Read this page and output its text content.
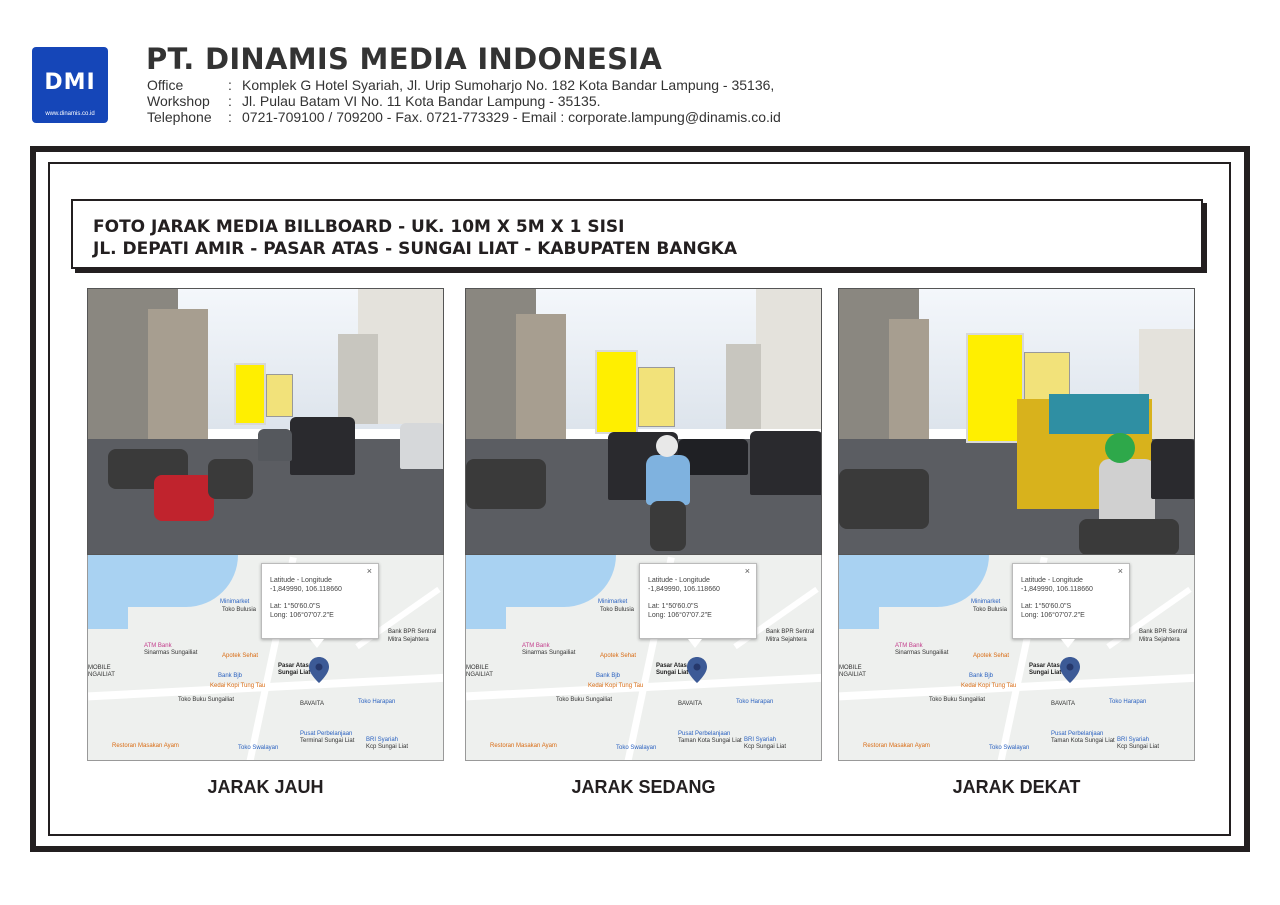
DMI
www.dinamis.co.id
PT. DINAMIS MEDIA INDONESIA
Office	: Komplek G Hotel Syariah, Jl. Urip Sumoharjo No. 182 Kota Bandar Lampung - 35136,
Workshop	: Jl. Pulau Batam VI No. 11 Kota Bandar Lampung - 35135.
Telephone	: 0721-709100 / 709200 - Fax. 0721-773329 - Email : corporate.lampung@dinamis.co.id
FOTO JARAK MEDIA BILLBOARD - UK. 10M X 5M X 1 SISI
JL. DEPATI AMIR - PASAR ATAS - SUNGAI LIAT - KABUPATEN BANGKA
Minimarket
Toko Bulusia
Bank BPR Sentral
Mitra Sejahtera
ATM Bank
Sinarmas Sungailiat	Apotek Sehat
Pasar Atas
Sungai Liat
Bank Bjb
Kedai Kopi Tung Tau
MOBILE
NGAILIAT
Toko Buku Sungailiat
BAVAITA	Toko Harapan
Pusat Perbelanjaan
Terminal Sungai Liat BRI Syariah
Kcp Sungai Liat
Toko Swalayan
Restoran Masakan Ayam
×
Latitude - Longitude
-1,849990, 106.118660
Lat: 1°50'60.0"S
Long: 106°07'07.2"E
JARAK JAUH
Minimarket
Toko Bulusia
Bank BPR Sentral
Mitra Sejahtera
ATM Bank
Sinarmas Sungailiat	Apotek Sehat
Pasar Atas
Sungai Liat
Bank Bjb
Kedai Kopi Tung Tau
MOBILE
NGAILIAT
Toko Buku Sungailiat
BAVAITA	Toko Harapan
Pusat Perbelanjaan
Taman Kota Sungai Liat BRI Syariah
Kcp Sungai Liat
Toko Swalayan
Restoran Masakan Ayam
×
Latitude - Longitude
-1,849990, 106.118660
Lat: 1°50'60.0"S
Long: 106°07'07.2"E
JARAK SEDANG
Minimarket
Toko Bulusia
Bank BPR Sentral
Mitra Sejahtera
ATM Bank
Sinarmas Sungailiat	Apotek Sehat
Pasar Atas
Sungai Liat
Bank Bjb
Kedai Kopi Tung Tau
MOBILE
NGAILIAT
Toko Buku Sungailiat
BAVAITA	Toko Harapan
Pusat Perbelanjaan
Taman Kota Sungai Liat BRI Syariah
Kcp Sungai Liat
Toko Swalayan
Restoran Masakan Ayam
×
Latitude - Longitude
-1,849990, 106.118660
Lat: 1°50'60.0"S
Long: 106°07'07.2"E
JARAK DEKAT
